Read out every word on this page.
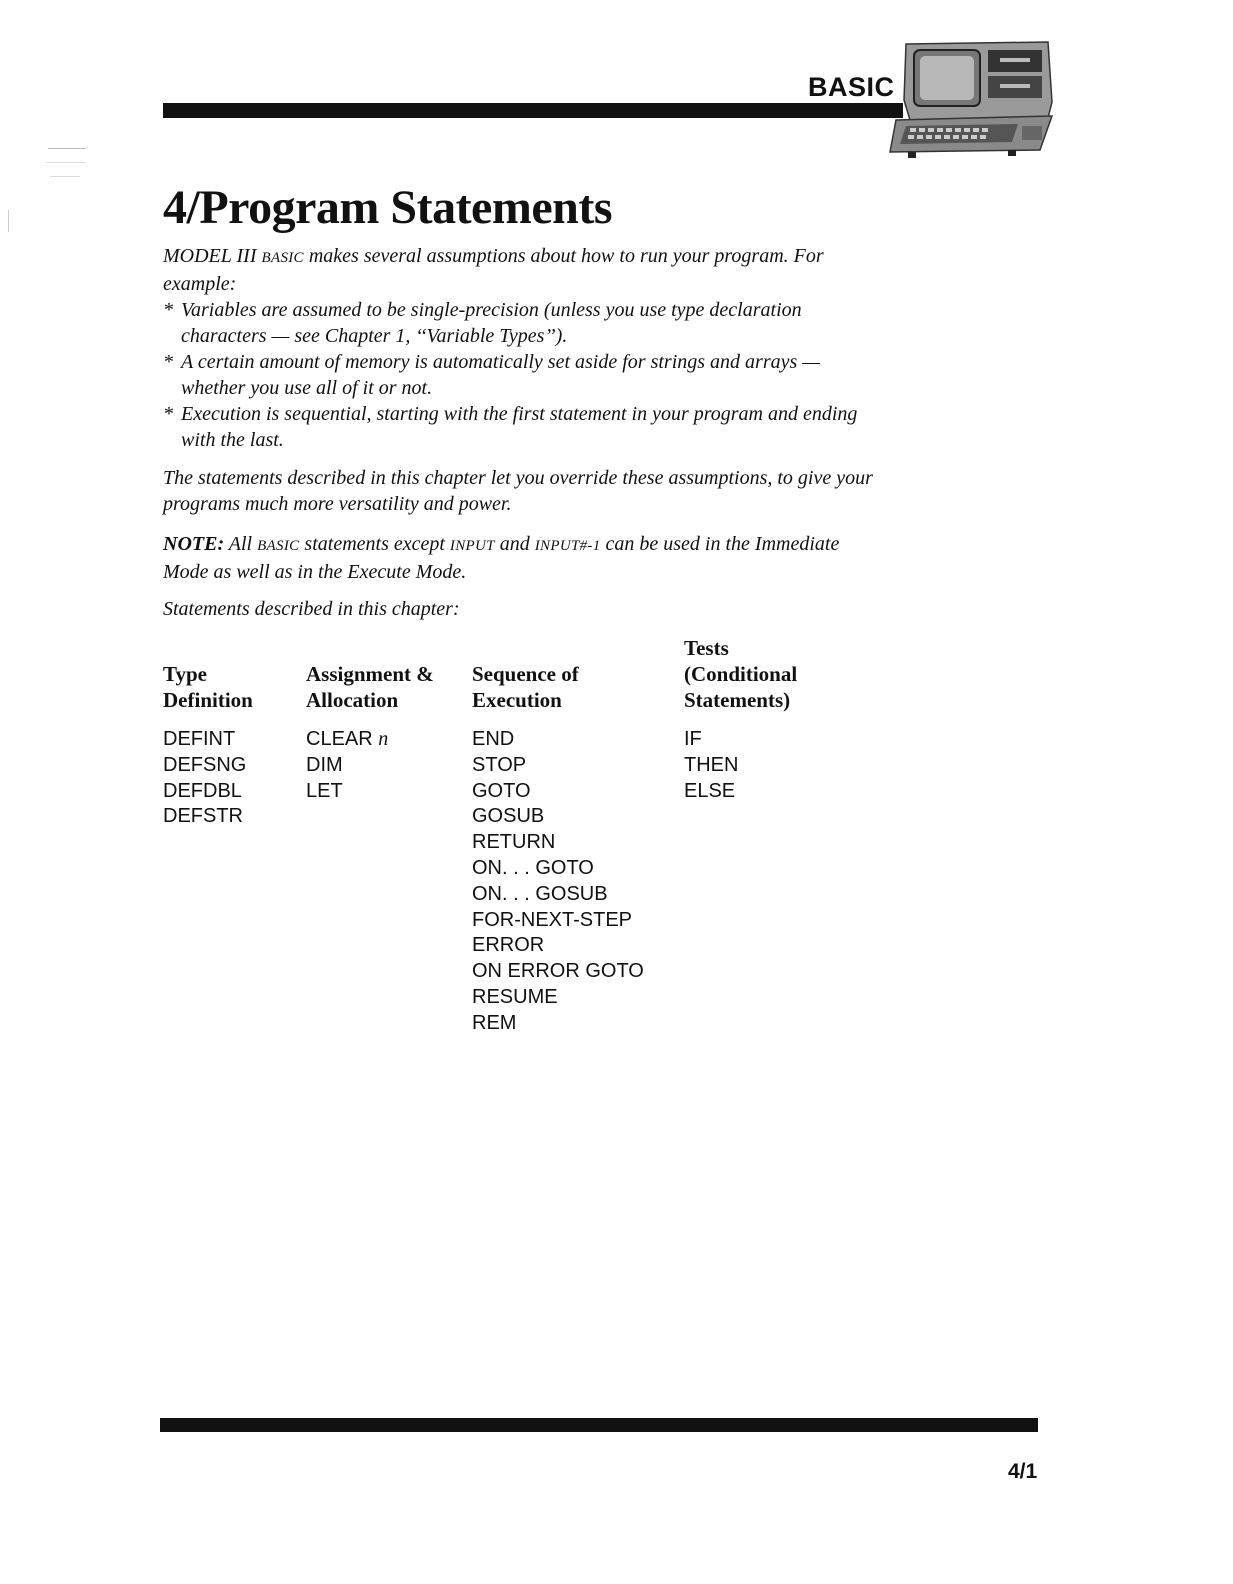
BASIC
4/Program Statements

MODEL III BASIC makes several assumptions about how to run your program. For example:

* Variables are assumed to be single-precision (unless you use type declaration characters — see Chapter 1, ‘‘Variable Types’’).
* A certain amount of memory is automatically set aside for strings and arrays — whether you use all of it or not.
* Execution is sequential, starting with the first statement in your program and ending with the last.

The statements described in this chapter let you override these assumptions, to give your programs much more versatility and power.

NOTE: All BASIC statements except INPUT and INPUT#-1 can be used in the Immediate Mode as well as in the Execute Mode.

Statements described in this chapter:

Type
Definition
DEFINT
DEFSNG
DEFDBL
DEFSTR
Assignment &
Allocation
CLEAR n
DIM
LET
Sequence of
Execution
END
STOP
GOTO
GOSUB
RETURN
ON. . . GOTO
ON. . . GOSUB
FOR-NEXT-STEP
ERROR
ON ERROR GOTO
RESUME
REM
Tests
(Conditional
Statements)
IF
THEN
ELSE
4/1
